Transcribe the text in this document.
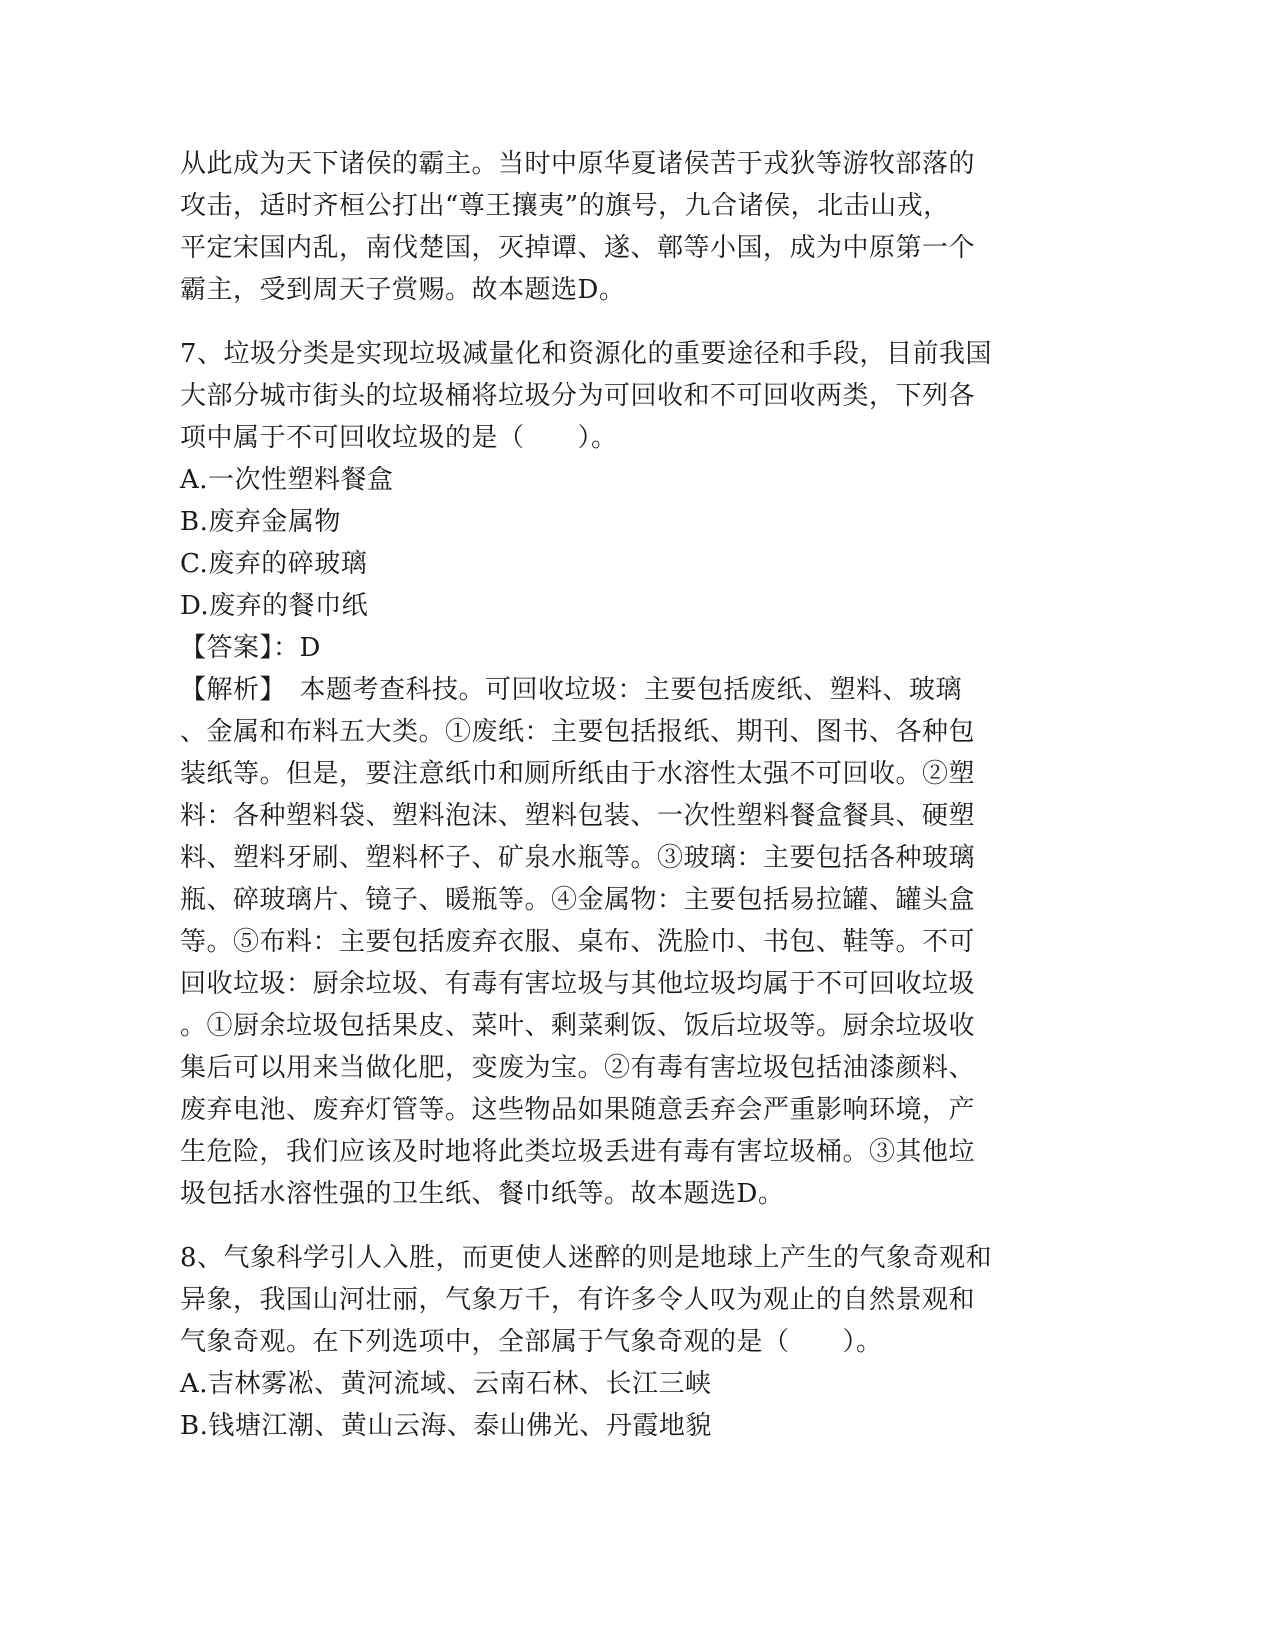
从此成为天下诸侯的霸主。当时中原华夏诸侯苦于戎狄等游牧部落的
攻击，适时齐桓公打出“尊王攘夷”的旗号，九合诸侯，北击山戎，
平定宋国内乱，南伐楚国，灭掉谭、遂、鄣等小国，成为中原第一个
霸主，受到周天子赏赐。故本题选D。
7、垃圾分类是实现垃圾减量化和资源化的重要途径和手段，目前我国
大部分城市街头的垃圾桶将垃圾分为可回收和不可回收两类，下列各
项中属于不可回收垃圾的是（　　）。
A.一次性塑料餐盒
B.废弃金属物
C.废弃的碎玻璃
D.废弃的餐巾纸
【答案】：D
【解析】　本题考查科技。可回收垃圾：主要包括废纸、塑料、玻璃
、金属和布料五大类。①废纸：主要包括报纸、期刊、图书、各种包
装纸等。但是，要注意纸巾和厕所纸由于水溶性太强不可回收。②塑
料：各种塑料袋、塑料泡沫、塑料包装、一次性塑料餐盒餐具、硬塑
料、塑料牙刷、塑料杯子、矿泉水瓶等。③玻璃：主要包括各种玻璃
瓶、碎玻璃片、镜子、暖瓶等。④金属物：主要包括易拉罐、罐头盒
等。⑤布料：主要包括废弃衣服、桌布、洗脸巾、书包、鞋等。不可
回收垃圾：厨余垃圾、有毒有害垃圾与其他垃圾均属于不可回收垃圾
。①厨余垃圾包括果皮、菜叶、剩菜剩饭、饭后垃圾等。厨余垃圾收
集后可以用来当做化肥，变废为宝。②有毒有害垃圾包括油漆颜料、
废弃电池、废弃灯管等。这些物品如果随意丢弃会严重影响环境，产
生危险，我们应该及时地将此类垃圾丢进有毒有害垃圾桶。③其他垃
圾包括水溶性强的卫生纸、餐巾纸等。故本题选D。
8、气象科学引人入胜，而更使人迷醉的则是地球上产生的气象奇观和
异象，我国山河壮丽，气象万千，有许多令人叹为观止的自然景观和
气象奇观。在下列选项中，全部属于气象奇观的是（　　）。
A.吉林雾凇、黄河流域、云南石林、长江三峡
B.钱塘江潮、黄山云海、泰山佛光、丹霞地貌
